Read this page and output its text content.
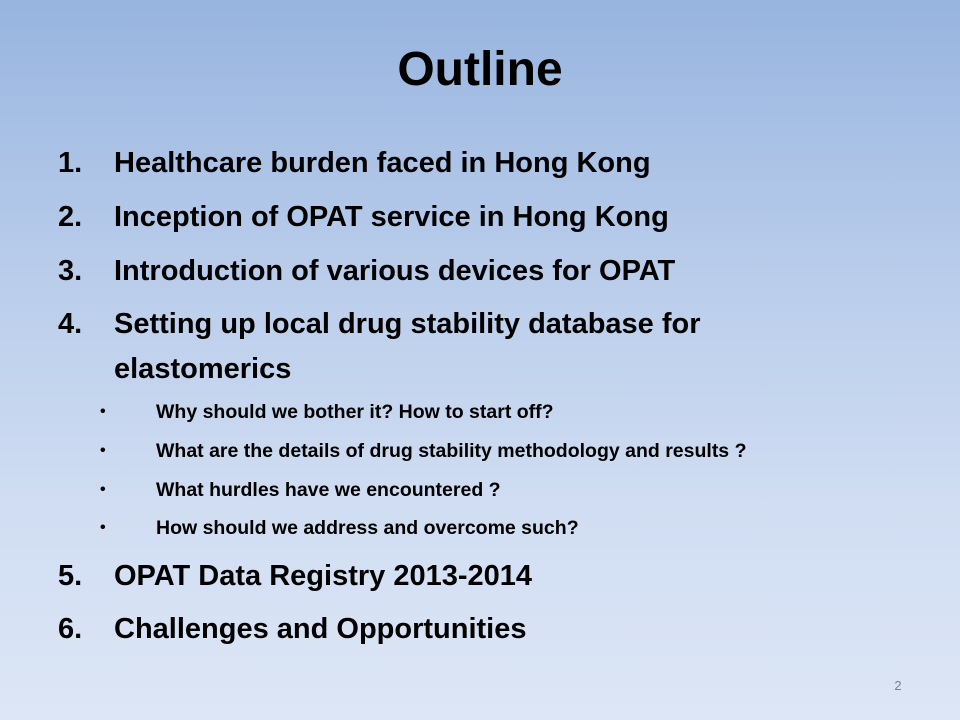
Outline
1.	Healthcare burden faced in Hong Kong
2.	Inception of OPAT service in Hong Kong
3.	Introduction of various devices for OPAT
4.	Setting up local drug stability database for
elastomerics
•	Why should we bother it? How to start off?
•	What are the details of drug stability methodology and results ?
•	What hurdles have we encountered ?
•	How should we address and overcome such?
5.	OPAT Data Registry 2013-2014
6.	Challenges and Opportunities
2
